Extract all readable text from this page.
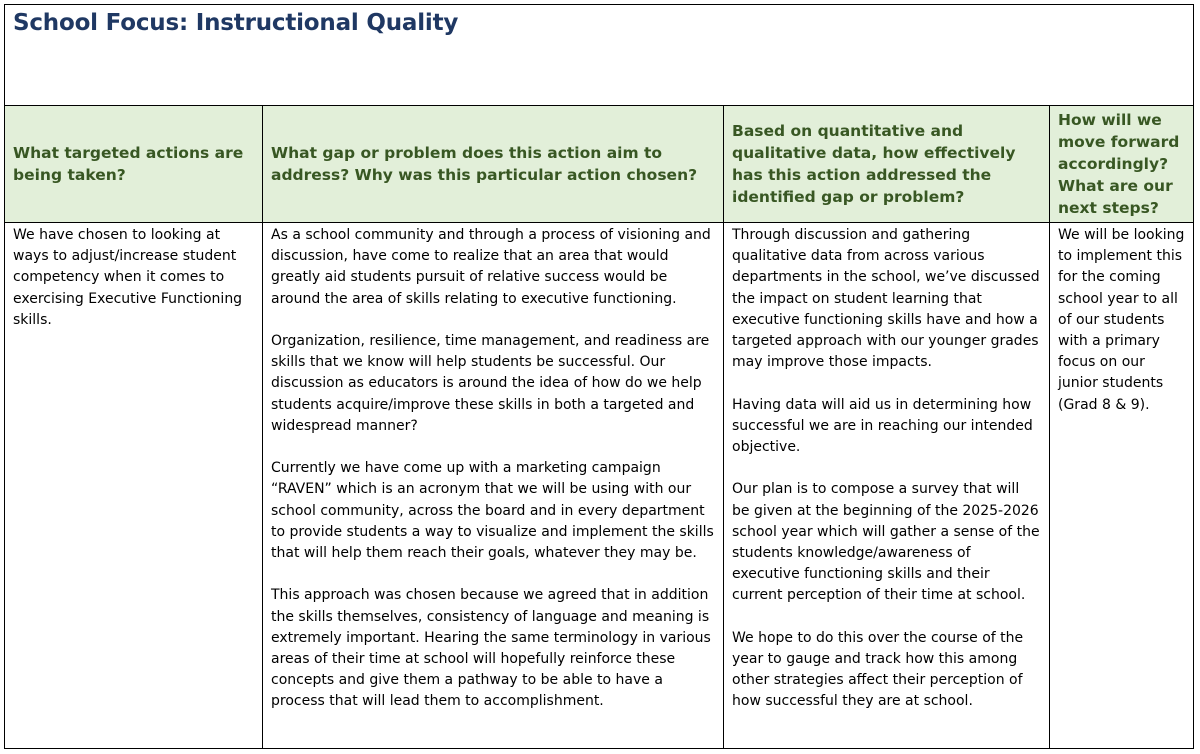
School Focus: Instructional Quality
What targeted actions are being taken?
What gap or problem does this action aim to address? Why was this particular action chosen?
Based on quantitative and qualitative data, how effectively has this action addressed the identified gap or problem?
How will we move forward accordingly? What are our next steps?

We have chosen to looking at ways to adjust/increase student competency when it comes to exercising Executive Functioning skills.

As a school community and through a process of visioning and discussion, have come to realize that an area that would greatly aid students pursuit of relative success would be around the area of skills relating to executive functioning.

Organization, resilience, time management, and readiness are skills that we know will help students be successful. Our discussion as educators is around the idea of how do we help students acquire/improve these skills in both a targeted and widespread manner?

Currently we have come up with a marketing campaign “RAVEN” which is an acronym that we will be using with our school community, across the board and in every department to provide students a way to visualize and implement the skills that will help them reach their goals, whatever they may be.

This approach was chosen because we agreed that in addition the skills themselves, consistency of language and meaning is extremely important. Hearing the same terminology in various areas of their time at school will hopefully reinforce these concepts and give them a pathway to be able to have a process that will lead them to accomplishment.

Through discussion and gathering qualitative data from across various departments in the school, we’ve discussed the impact on student learning that executive functioning skills have and how a targeted approach with our younger grades may improve those impacts.

Having data will aid us in determining how successful we are in reaching our intended objective.

Our plan is to compose a survey that will be given at the beginning of the 2025-2026 school year which will gather a sense of the students knowledge/awareness of executive functioning skills and their current perception of their time at school.

We hope to do this over the course of the year to gauge and track how this among other strategies affect their perception of how successful they are at school.

We will be looking to implement this for the coming school year to all of our students with a primary focus on our junior students (Grad 8 & 9).
